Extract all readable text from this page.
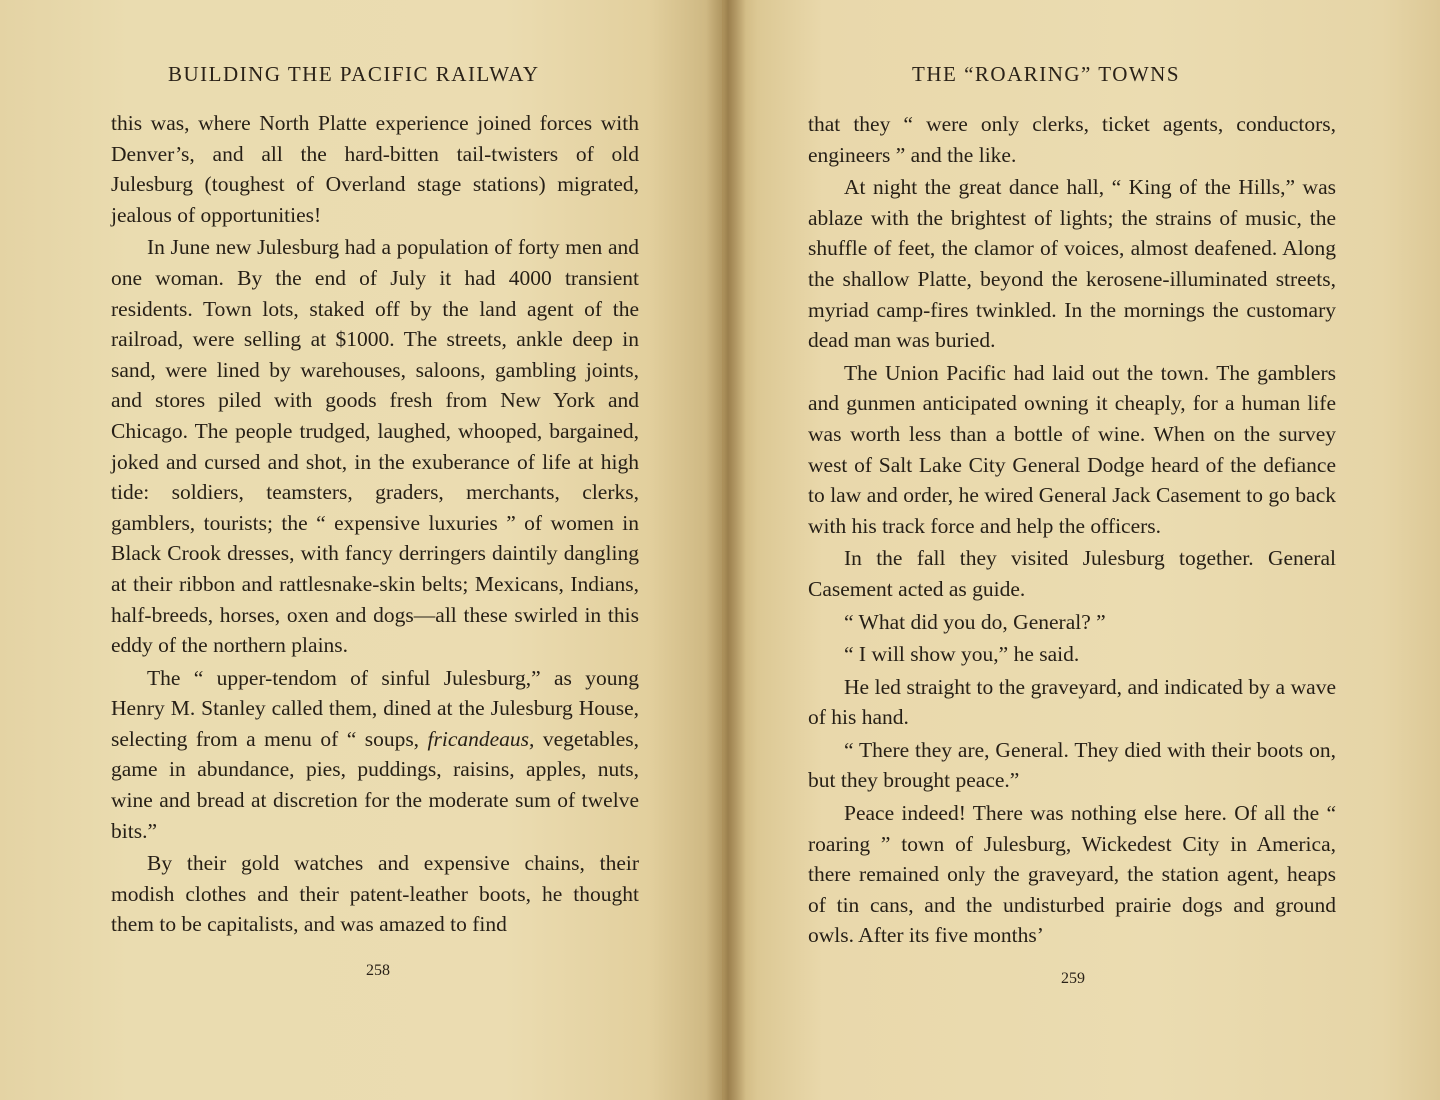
BUILDING THE PACIFIC RAILWAY

this was, where North Platte experience joined forces with Denver’s, and all the hard-bitten tail-twisters of old Julesburg (toughest of Overland stage stations) migrated, jealous of opportunities!

In June new Julesburg had a population of forty men and one woman. By the end of July it had 4000 transient residents. Town lots, staked off by the land agent of the railroad, were selling at $1000. The streets, ankle deep in sand, were lined by warehouses, saloons, gambling joints, and stores piled with goods fresh from New York and Chicago. The people trudged, laughed, whooped, bargained, joked and cursed and shot, in the exuberance of life at high tide: soldiers, teamsters, graders, merchants, clerks, gamblers, tourists; the “ expensive luxuries ” of women in Black Crook dresses, with fancy derringers daintily dangling at their ribbon and rattlesnake-skin belts; Mexicans, Indians, half-breeds, horses, oxen and dogs—all these swirled in this eddy of the northern plains.

The “ upper-tendom of sinful Julesburg,” as young Henry M. Stanley called them, dined at the Julesburg House, selecting from a menu of “ soups, fricandeaus, vegetables, game in abundance, pies, puddings, raisins, apples, nuts, wine and bread at discretion for the moderate sum of twelve bits.”

By their gold watches and expensive chains, their modish clothes and their patent-leather boots, he thought them to be capitalists, and was amazed to find

258
THE “ROARING” TOWNS

that they “ were only clerks, ticket agents, conductors, engineers ” and the like.

At night the great dance hall, “ King of the Hills,” was ablaze with the brightest of lights; the strains of music, the shuffle of feet, the clamor of voices, almost deafened. Along the shallow Platte, beyond the kerosene-illuminated streets, myriad camp-fires twinkled. In the mornings the customary dead man was buried.

The Union Pacific had laid out the town. The gamblers and gunmen anticipated owning it cheaply, for a human life was worth less than a bottle of wine. When on the survey west of Salt Lake City General Dodge heard of the defiance to law and order, he wired General Jack Casement to go back with his track force and help the officers.

In the fall they visited Julesburg together. General Casement acted as guide.

“ What did you do, General? ”

“ I will show you,” he said.

He led straight to the graveyard, and indicated by a wave of his hand.

“ There they are, General. They died with their boots on, but they brought peace.”

Peace indeed! There was nothing else here. Of all the “ roaring ” town of Julesburg, Wickedest City in America, there remained only the graveyard, the station agent, heaps of tin cans, and the undisturbed prairie dogs and ground owls. After its five months’

259
